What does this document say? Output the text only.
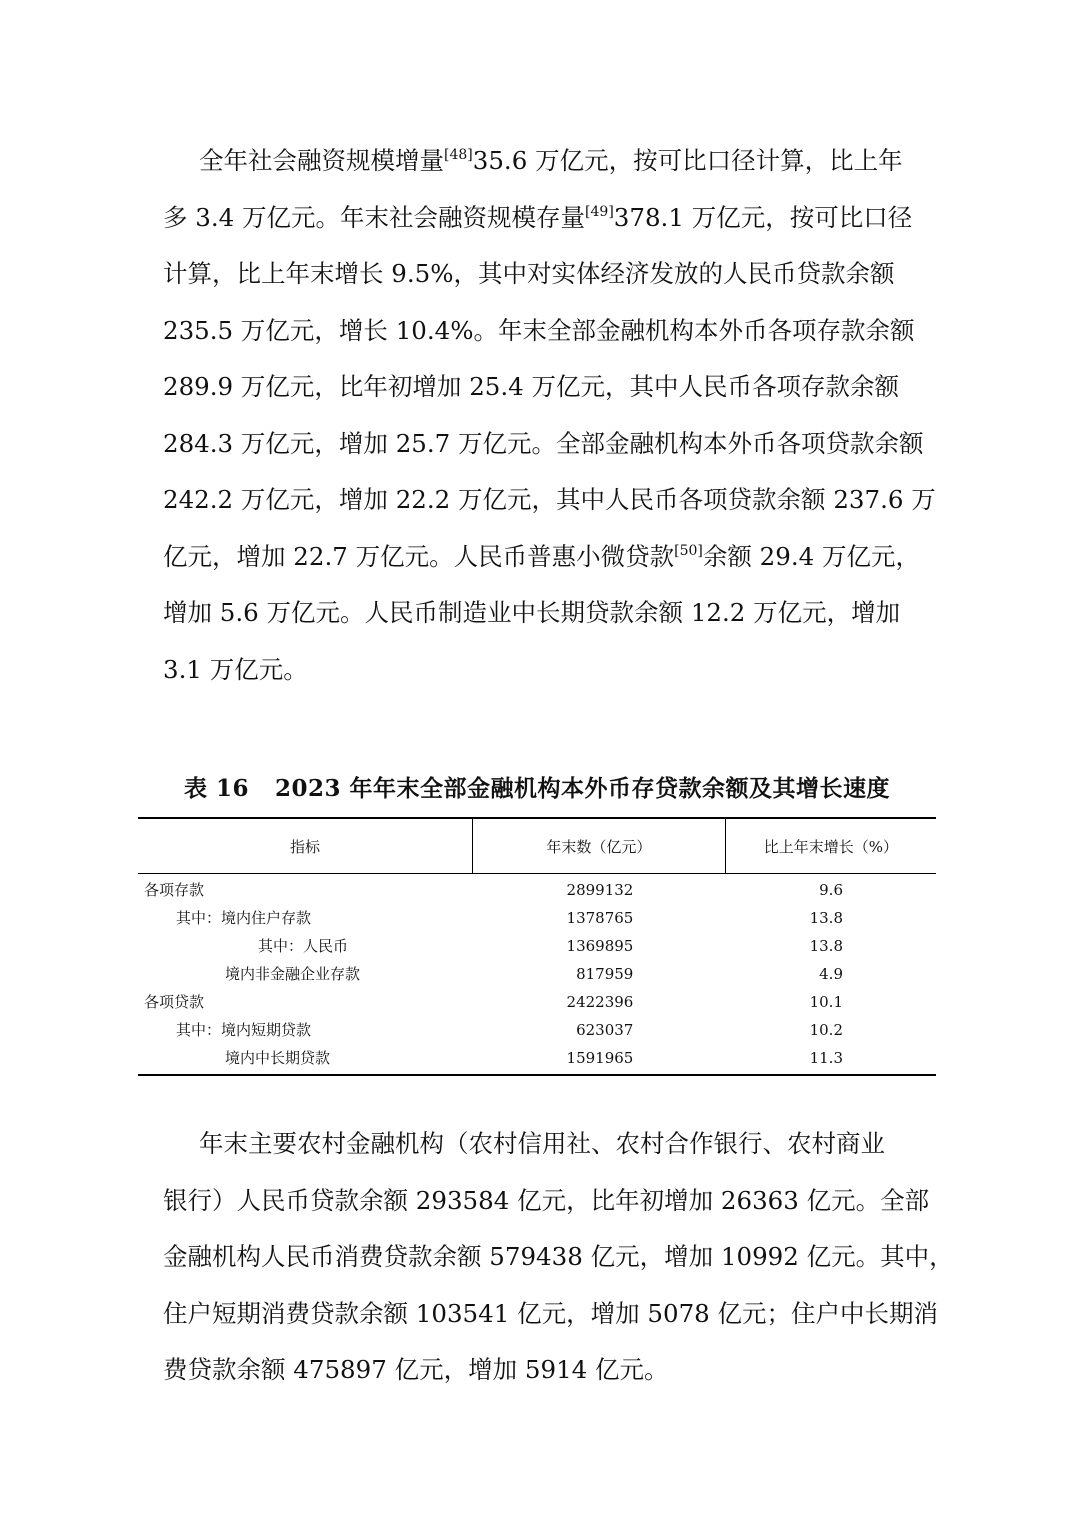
全年社会融资规模增量[48]35.6 万亿元，按可比口径计算，比上年
多 3.4 万亿元。年末社会融资规模存量[49]378.1 万亿元，按可比口径
计算，比上年末增长 9.5%，其中对实体经济发放的人民币贷款余额
235.5 万亿元，增长 10.4%。年末全部金融机构本外币各项存款余额
289.9 万亿元，比年初增加 25.4 万亿元，其中人民币各项存款余额
284.3 万亿元，增加 25.7 万亿元。全部金融机构本外币各项贷款余额
242.2 万亿元，增加 22.2 万亿元，其中人民币各项贷款余额 237.6 万
亿元，增加 22.7 万亿元。人民币普惠小微贷款[50]余额 29.4 万亿元，
增加 5.6 万亿元。人民币制造业中长期贷款余额 12.2 万亿元，增加
3.1 万亿元。
表 16 2023 年年末全部金融机构本外币存贷款余额及其增长速度
指标	年末数（亿元）	比上年末增长（%）
各项存款	2899132	9.6
其中：境内住户存款	1378765	13.8
其中：人民币	1369895	13.8
境内非金融企业存款	817959	4.9
各项贷款	2422396	10.1
其中：境内短期贷款	623037	10.2
境内中长期贷款	1591965	11.3
年末主要农村金融机构（农村信用社、农村合作银行、农村商业
银行）人民币贷款余额 293584 亿元，比年初增加 26363 亿元。全部
金融机构人民币消费贷款余额 579438 亿元，增加 10992 亿元。其中，
住户短期消费贷款余额 103541 亿元，增加 5078 亿元；住户中长期消
费贷款余额 475897 亿元，增加 5914 亿元。
